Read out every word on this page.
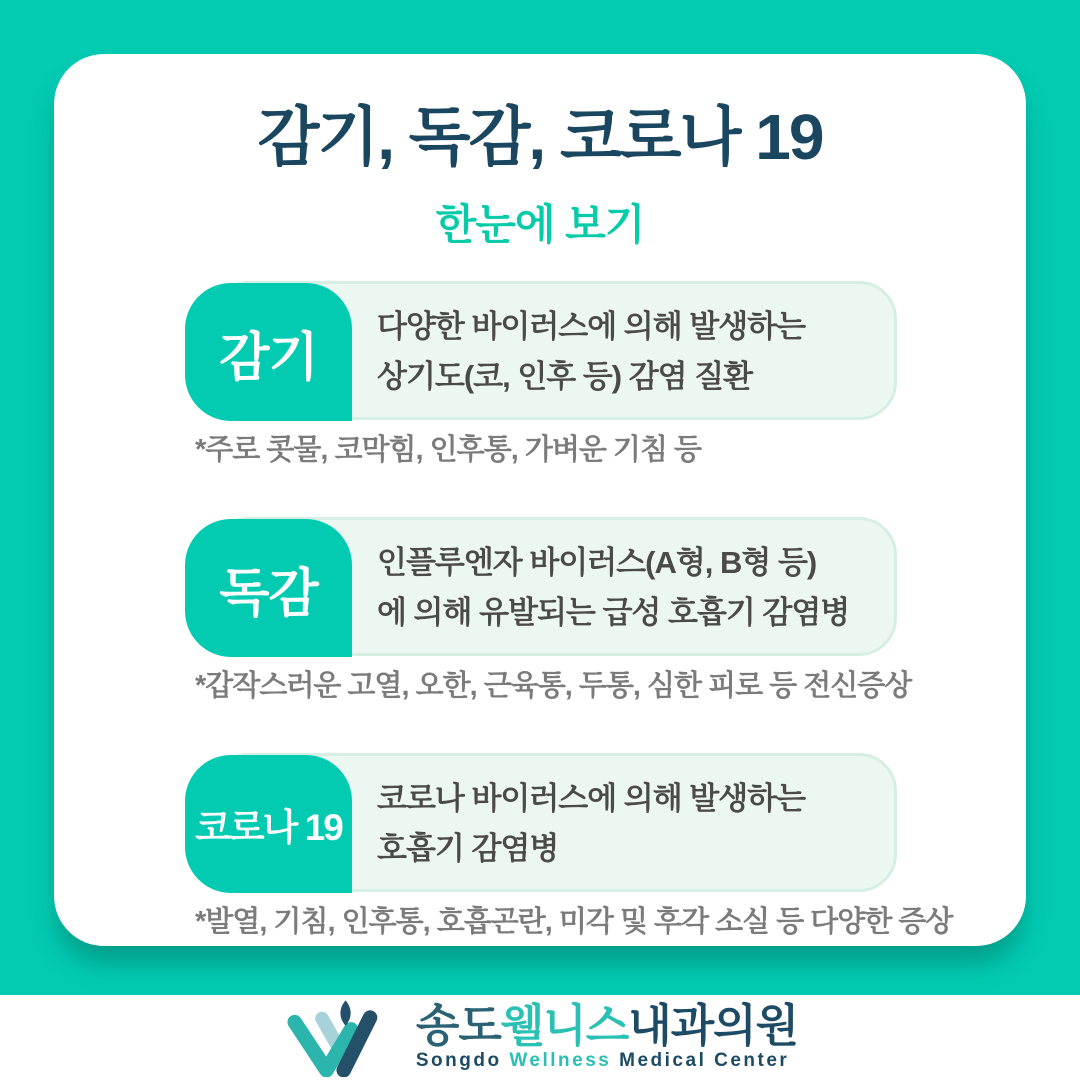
감기, 독감, 코로나 19
한눈에 보기
감기
다양한 바이러스에 의해 발생하는
상기도(코, 인후 등) 감염 질환
*주로 콧물, 코막힘, 인후통, 가벼운 기침 등
독감
인플루엔자 바이러스(A형, B형 등)
에 의해 유발되는 급성 호흡기 감염병
*갑작스러운 고열, 오한, 근육통, 두통, 심한 피로 등 전신증상
코로나 19
코로나 바이러스에 의해 발생하는
호흡기 감염병
*발열, 기침, 인후통, 호흡곤란, 미각 및 후각 소실 등 다양한 증상
송도웰니스내과의원
Songdo Wellness Medical Center
